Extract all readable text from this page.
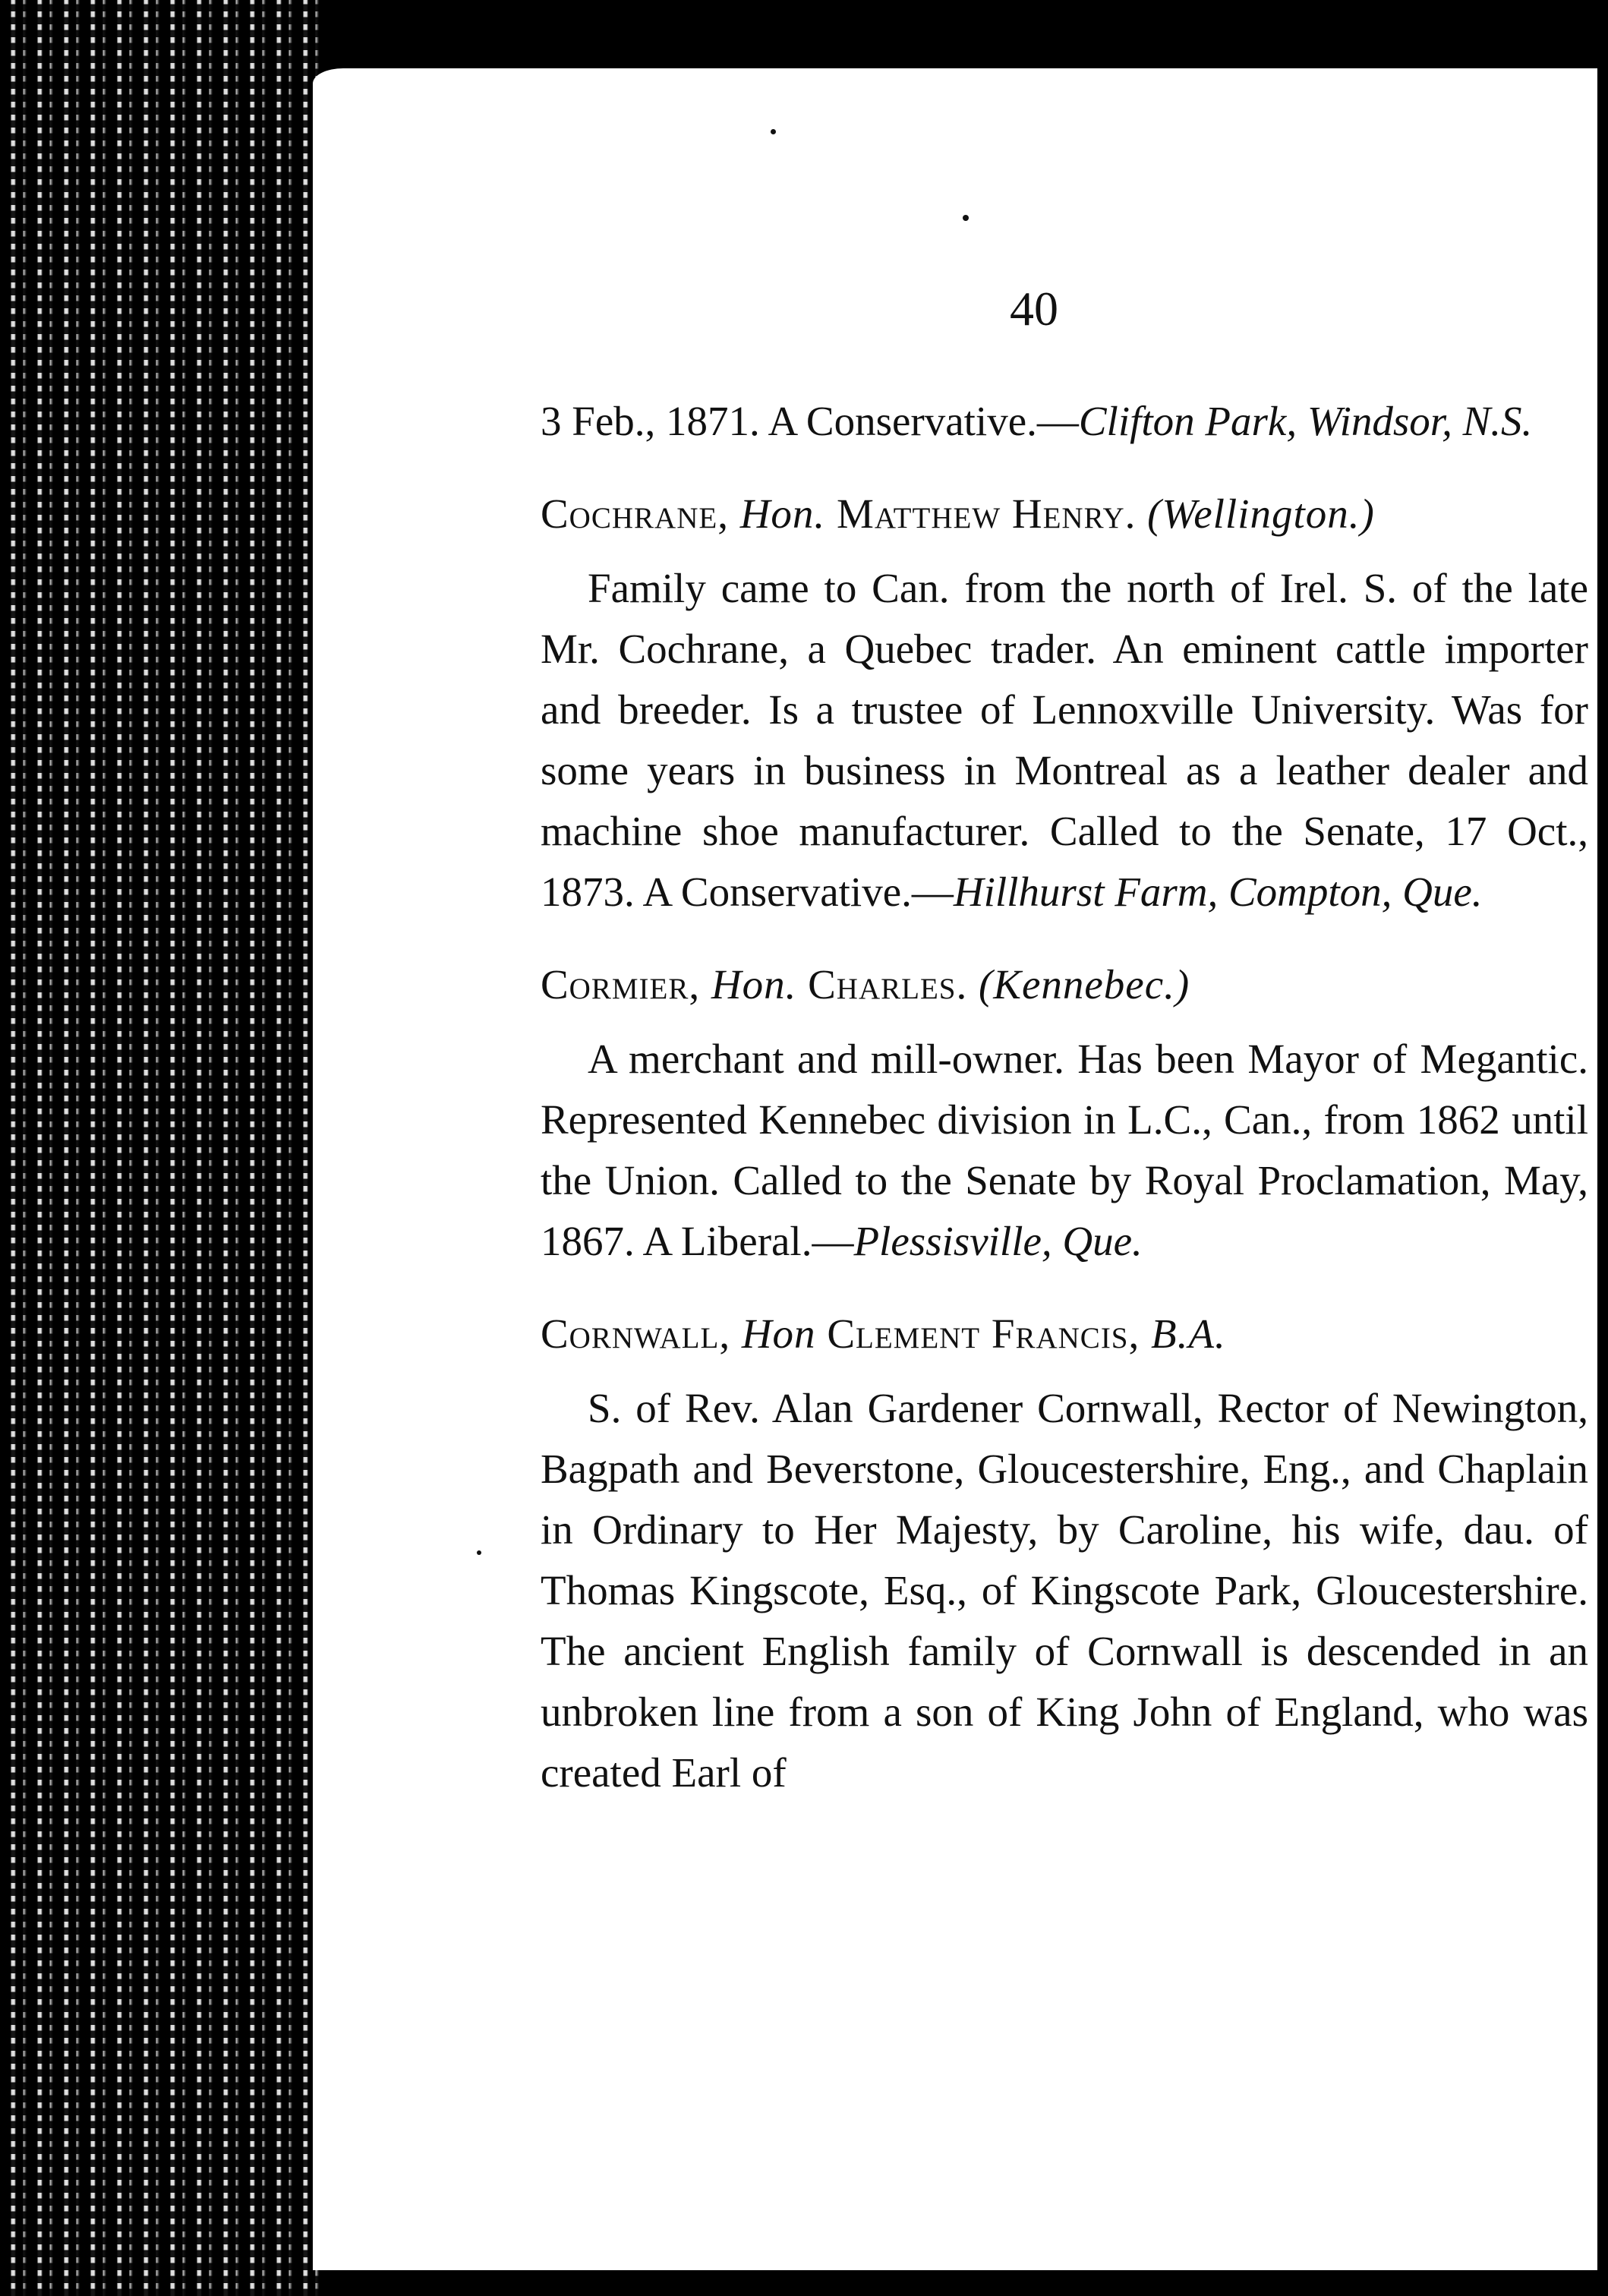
40

3 Feb., 1871. A Conservative.—Clifton Park, Windsor, N.S.

Cochrane, Hon. Matthew Henry. (Wellington.)

Family came to Can. from the north of Irel. S. of the late Mr. Cochrane, a Quebec trader. An eminent cattle importer and breeder. Is a trustee of Lennoxville University. Was for some years in business in Montreal as a leather dealer and machine shoe manufacturer. Called to the Senate, 17 Oct., 1873. A Conservative.—Hillhurst Farm, Compton, Que.

Cormier, Hon. Charles. (Kennebec.)

A merchant and mill-owner. Has been Mayor of Megantic. Represented Kennebec division in L.C., Can., from 1862 until the Union. Called to the Senate by Royal Proclamation, May, 1867. A Liberal.—Plessisville, Que.

Cornwall, Hon Clement Francis, B.A.

S. of Rev. Alan Gardener Cornwall, Rector of Newington, Bagpath and Beverstone, Gloucestershire, Eng., and Chaplain in Ordinary to Her Majesty, by Caroline, his wife, dau. of Thomas Kingscote, Esq., of Kingscote Park, Gloucestershire. The ancient English family of Cornwall is descended in an unbroken line from a son of King John of England, who was created Earl of
